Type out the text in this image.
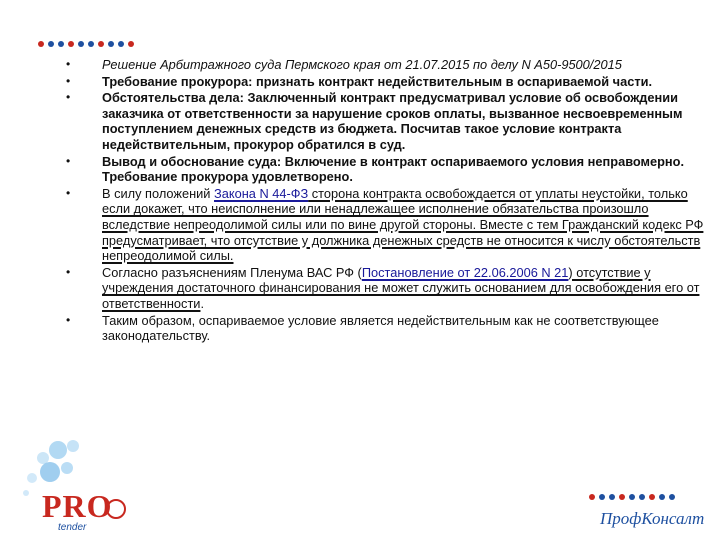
•	Решение Арбитражного суда Пермского края от 21.07.2015 по делу N А50-9500/2015
•	Требование прокурора: признать контракт недействительным в оспариваемой части.
•	Обстоятельства дела: Заключенный контракт предусматривал условие об освобождении заказчика от ответственности за нарушение сроков оплаты, вызванное несвоевременным поступлением денежных средств из бюджета. Посчитав такое условие контракта недействительным, прокурор обратился в суд.
•	Вывод и обоснование суда: Включение в контракт оспариваемого условия неправомерно. Требование прокурора удовлетворено.
•	В силу положений Закона N 44-ФЗ сторона контракта освобождается от уплаты неустойки, только если докажет, что неисполнение или ненадлежащее исполнение обязательства произошло вследствие непреодолимой силы или по вине другой стороны. Вместе с тем Гражданский кодекс РФ предусматривает, что отсутствие у должника денежных средств не относится к числу обстоятельств непреодолимой силы.
•	Согласно разъяснениям Пленума ВАС РФ (Постановление от 22.06.2006 N 21) отсутствие у учреждения достаточного финансирования не может служить основанием для освобождения его от ответственности.
•	Таким образом, оспариваемое условие является недействительным как не соответствующее законодательству.
PRO
tender	ПрофКонсалт
